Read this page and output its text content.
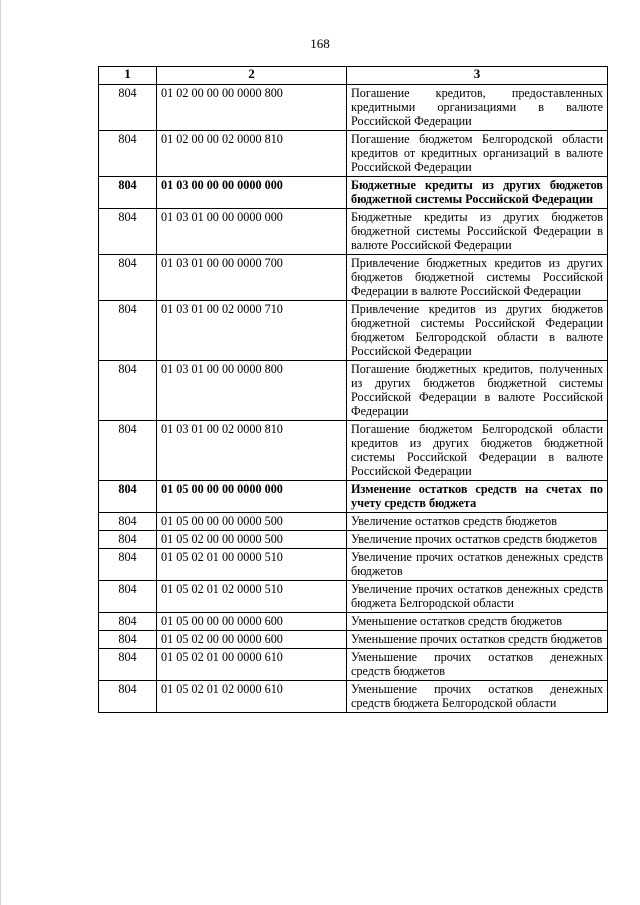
168
1	2	3
804	01 02 00 00 00 0000 800	Погашение кредитов, предоставленных кредитными организациями в валюте Российской Федерации
804	01 02 00 00 02 0000 810	Погашение бюджетом Белгородской области кредитов от кредитных организаций в валюте Российской Федерации
804	01 03 00 00 00 0000 000	Бюджетные кредиты из других бюджетов бюджетной системы Российской Федерации
804	01 03 01 00 00 0000 000	Бюджетные кредиты из других бюджетов бюджетной системы Российской Федерации в валюте Российской Федерации
804	01 03 01 00 00 0000 700	Привлечение бюджетных кредитов из других бюджетов бюджетной системы Российской Федерации в валюте Российской Федерации
804	01 03 01 00 02 0000 710	Привлечение кредитов из других бюджетов бюджетной системы Российской Федерации бюджетом Белгородской области в валюте Российской Федерации
804	01 03 01 00 00 0000 800	Погашение бюджетных кредитов, полученных из других бюджетов бюджетной системы Российской Федерации в валюте Российской Федерации
804	01 03 01 00 02 0000 810	Погашение бюджетом Белгородской области кредитов из других бюджетов бюджетной системы Российской Федерации в валюте Российской Федерации
804	01 05 00 00 00 0000 000	Изменение остатков средств на счетах по учету средств бюджета
804	01 05 00 00 00 0000 500	Увеличение остатков средств бюджетов
804	01 05 02 00 00 0000 500	Увеличение прочих остатков средств бюджетов
804	01 05 02 01 00 0000 510	Увеличение прочих остатков денежных средств бюджетов
804	01 05 02 01 02 0000 510	Увеличение прочих остатков денежных средств бюджета Белгородской области
804	01 05 00 00 00 0000 600	Уменьшение остатков средств бюджетов
804	01 05 02 00 00 0000 600	Уменьшение прочих остатков средств бюджетов
804	01 05 02 01 00 0000 610	Уменьшение прочих остатков денежных средств бюджетов
804	01 05 02 01 02 0000 610	Уменьшение прочих остатков денежных средств бюджета Белгородской области
